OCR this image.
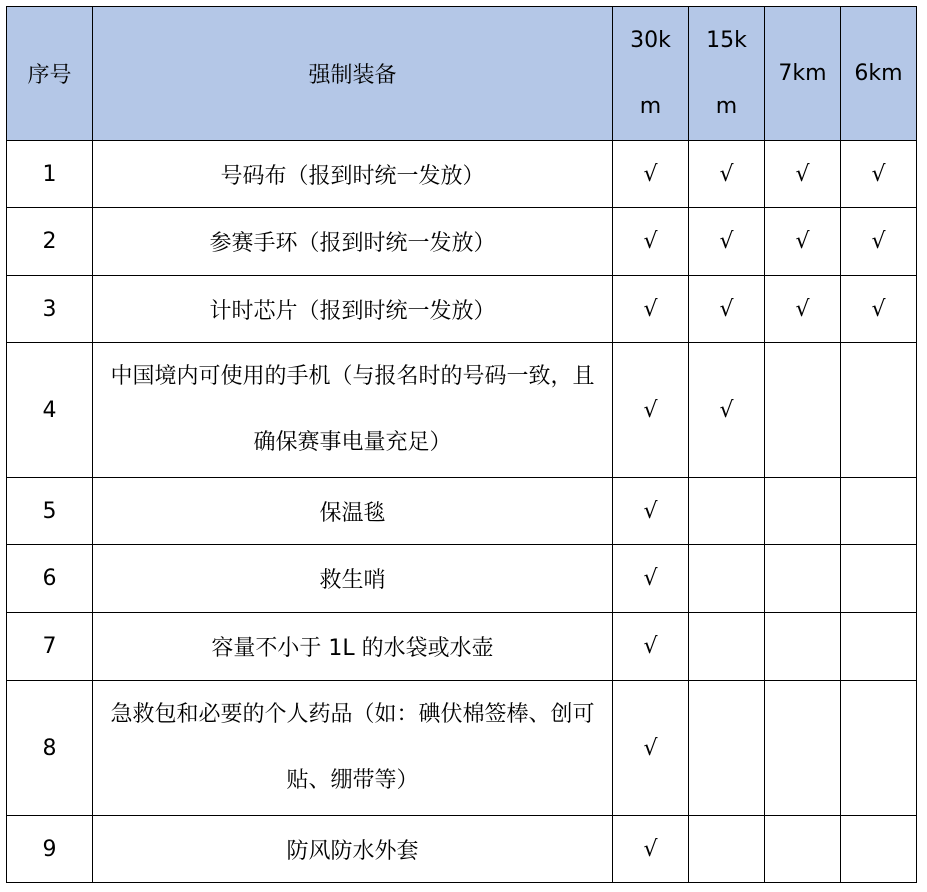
序号	强制装备	30km	15km	7km	6km
1	号码布（报到时统一发放）	√	√	√	√
2	参赛手环（报到时统一发放）	√	√	√	√
3	计时芯片（报到时统一发放）	√	√	√	√
4	中国境内可使用的手机（与报名时的号码一致，且确保赛事电量充足）	√	√		
5	保温毯	√			
6	救生哨	√			
7	容量不小于 1L 的水袋或水壶	√			
8	急救包和必要的个人药品（如：碘伏棉签棒、创可贴、绷带等）	√			
9	防风防水外套	√			
